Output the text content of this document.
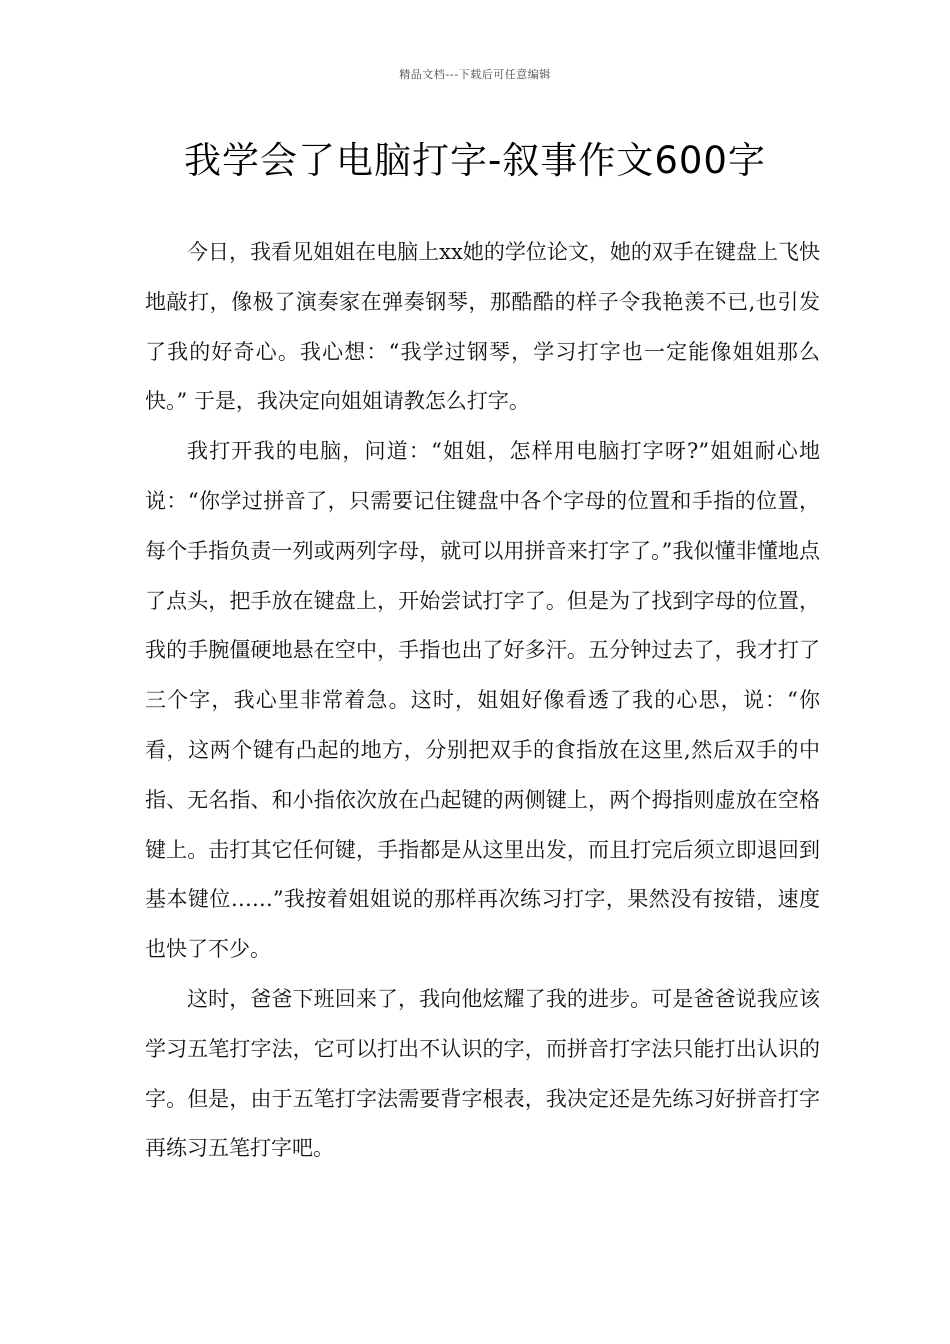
精品文档---下载后可任意编辑
我学会了电脑打字-叙事作文600字

今日，我看见姐姐在电脑上xx她的学位论文，她的双手在键盘上飞快地敲打，像极了演奏家在弹奏钢琴，那酷酷的样子令我艳羡不已,也引发了我的好奇心。我心想：“我学过钢琴，学习打字也一定能像姐姐那么快。” 于是，我决定向姐姐请教怎么打字。

我打开我的电脑，问道：“姐姐，怎样用电脑打字呀?”姐姐耐心地说：“你学过拼音了，只需要记住键盘中各个字母的位置和手指的位置，每个手指负责一列或两列字母，就可以用拼音来打字了。”我似懂非懂地点了点头，把手放在键盘上，开始尝试打字了。但是为了找到字母的位置，我的手腕僵硬地悬在空中，手指也出了好多汗。五分钟过去了，我才打了三个字，我心里非常着急。这时，姐姐好像看透了我的心思，说：“你看，这两个键有凸起的地方，分别把双手的食指放在这里,然后双手的中指、无名指、和小指依次放在凸起键的两侧键上，两个拇指则虚放在空格键上。击打其它任何键，手指都是从这里出发，而且打完后须立即退回到基本键位……”我按着姐姐说的那样再次练习打字，果然没有按错，速度也快了不少。

这时，爸爸下班回来了，我向他炫耀了我的进步。可是爸爸说我应该学习五笔打字法，它可以打出不认识的字，而拼音打字法只能打出认识的字。但是，由于五笔打字法需要背字根表，我决定还是先练习好拼音打字再练习五笔打字吧。
